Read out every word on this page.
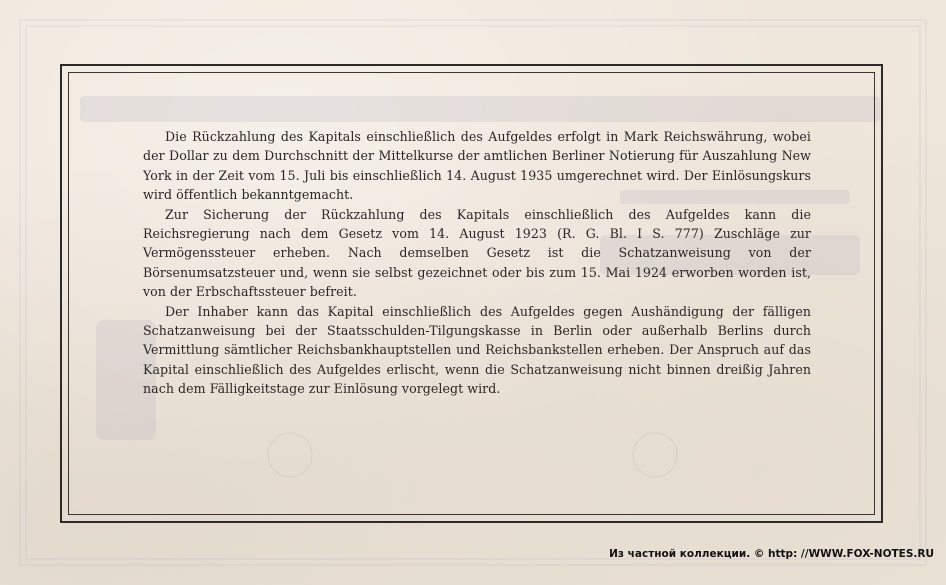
Die Rückzahlung des Kapitals einschließlich des Aufgeldes erfolgt in Mark Reichswährung, wobei der Dollar zu dem Durchschnitt der Mittelkurse der amtlichen Berliner Notierung für Auszahlung New York in der Zeit vom 15. Juli bis einschließlich 14. August 1935 umgerechnet wird. Der Einlösungskurs wird öffentlich bekanntgemacht.

Zur Sicherung der Rückzahlung des Kapitals einschließlich des Aufgeldes kann die Reichsregierung nach dem Gesetz vom 14. August 1923 (R. G. Bl. I S. 777) Zuschläge zur Vermögenssteuer erheben. Nach demselben Gesetz ist die Schatzanweisung von der Börsenumsatzsteuer und, wenn sie selbst gezeichnet oder bis zum 15. Mai 1924 erworben worden ist, von der Erbschaftssteuer befreit.

Der Inhaber kann das Kapital einschließlich des Aufgeldes gegen Aushändigung der fälligen Schatzanweisung bei der Staatsschulden-Tilgungskasse in Berlin oder außerhalb Berlins durch Vermittlung sämtlicher Reichsbankhauptstellen und Reichsbankstellen erheben. Der Anspruch auf das Kapital einschließlich des Aufgeldes erlischt, wenn die Schatzanweisung nicht binnen dreißig Jahren nach dem Fälligkeitstage zur Einlösung vorgelegt wird.

Из частной коллекции. © http: //WWW.FOX-NOTES.RU
